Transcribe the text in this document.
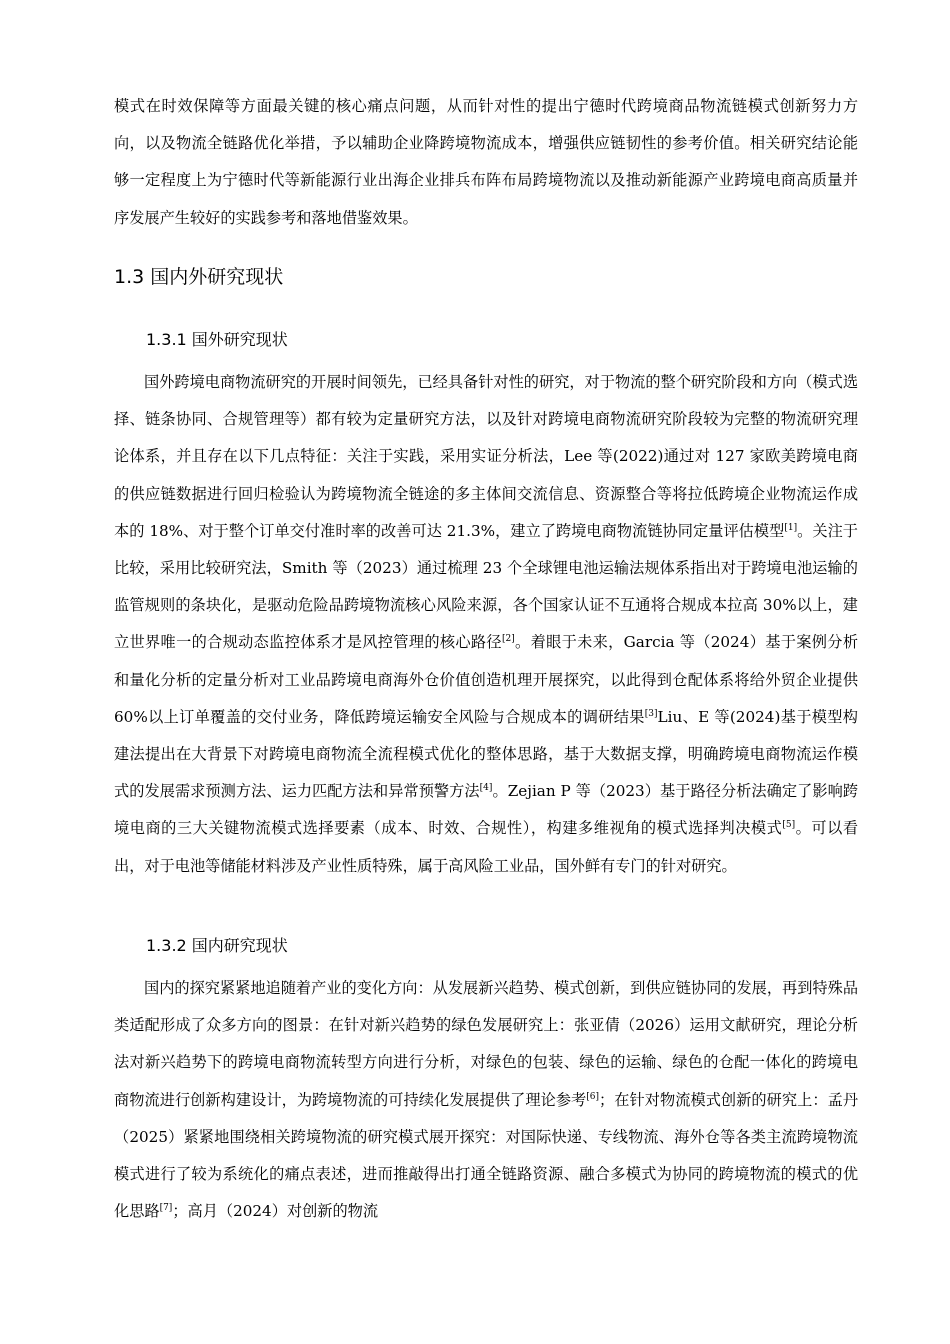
模式在时效保障等方面最关键的核心痛点问题，从而针对性的提出宁德时代跨境商品物流链模式创新努力方向，以及物流全链路优化举措，予以辅助企业降跨境物流成本，增强供应链韧性的参考价值。相关研究结论能够一定程度上为宁德时代等新能源行业出海企业排兵布阵布局跨境物流以及推动新能源产业跨境电商高质量并序发展产生较好的实践参考和落地借鉴效果。

1.3 国内外研究现状
1.3.1 国外研究现状

国外跨境电商物流研究的开展时间领先，已经具备针对性的研究，对于物流的整个研究阶段和方向（模式选择、链条协同、合规管理等）都有较为定量研究方法，以及针对跨境电商物流研究阶段较为完整的物流研究理论体系，并且存在以下几点特征：关注于实践，采用实证分析法，Lee 等(2022)通过对 127 家欧美跨境电商的供应链数据进行回归检验认为跨境物流全链途的多主体间交流信息、资源整合等将拉低跨境企业物流运作成本的 18%、对于整个订单交付准时率的改善可达 21.3%，建立了跨境电商物流链协同定量评估模型[1]。关注于比较，采用比较研究法，Smith 等（2023）通过梳理 23 个全球锂电池运输法规体系指出对于跨境电池运输的监管规则的条块化，是驱动危险品跨境物流核心风险来源，各个国家认证不互通将合规成本拉高 30%以上，建立世界唯一的合规动态监控体系才是风控管理的核心路径[2]。着眼于未来，Garcia 等（2024）基于案例分析和量化分析的定量分析对工业品跨境电商海外仓价值创造机理开展探究，以此得到仓配体系将给外贸企业提供 60%以上订单覆盖的交付业务，降低跨境运输安全风险与合规成本的调研结果[3]Liu、E 等(2024)基于模型构建法提出在大背景下对跨境电商物流全流程模式优化的整体思路，基于大数据支撑，明确跨境电商物流运作模式的发展需求预测方法、运力匹配方法和异常预警方法[4]。Zejian P 等（2023）基于路径分析法确定了影响跨境电商的三大关键物流模式选择要素（成本、时效、合规性），构建多维视角的模式选择判决模式[5]。可以看出，对于电池等储能材料涉及产业性质特殊，属于高风险工业品，国外鲜有专门的针对研究。

1.3.2 国内研究现状

国内的探究紧紧地追随着产业的变化方向：从发展新兴趋势、模式创新，到供应链协同的发展，再到特殊品类适配形成了众多方向的图景：在针对新兴趋势的绿色发展研究上：张亚倩（2026）运用文献研究，理论分析法对新兴趋势下的跨境电商物流转型方向进行分析，对绿色的包装、绿色的运输、绿色的仓配一体化的跨境电商物流进行创新构建设计，为跨境物流的可持续化发展提供了理论参考[6]；在针对物流模式创新的研究上：孟丹（2025）紧紧地围绕相关跨境物流的研究模式展开探究：对国际快递、专线物流、海外仓等各类主流跨境物流模式进行了较为系统化的痛点表述，进而推敲得出打通全链路资源、融合多模式为协同的跨境物流的模式的优化思路[7]；高月（2024）对创新的物流
